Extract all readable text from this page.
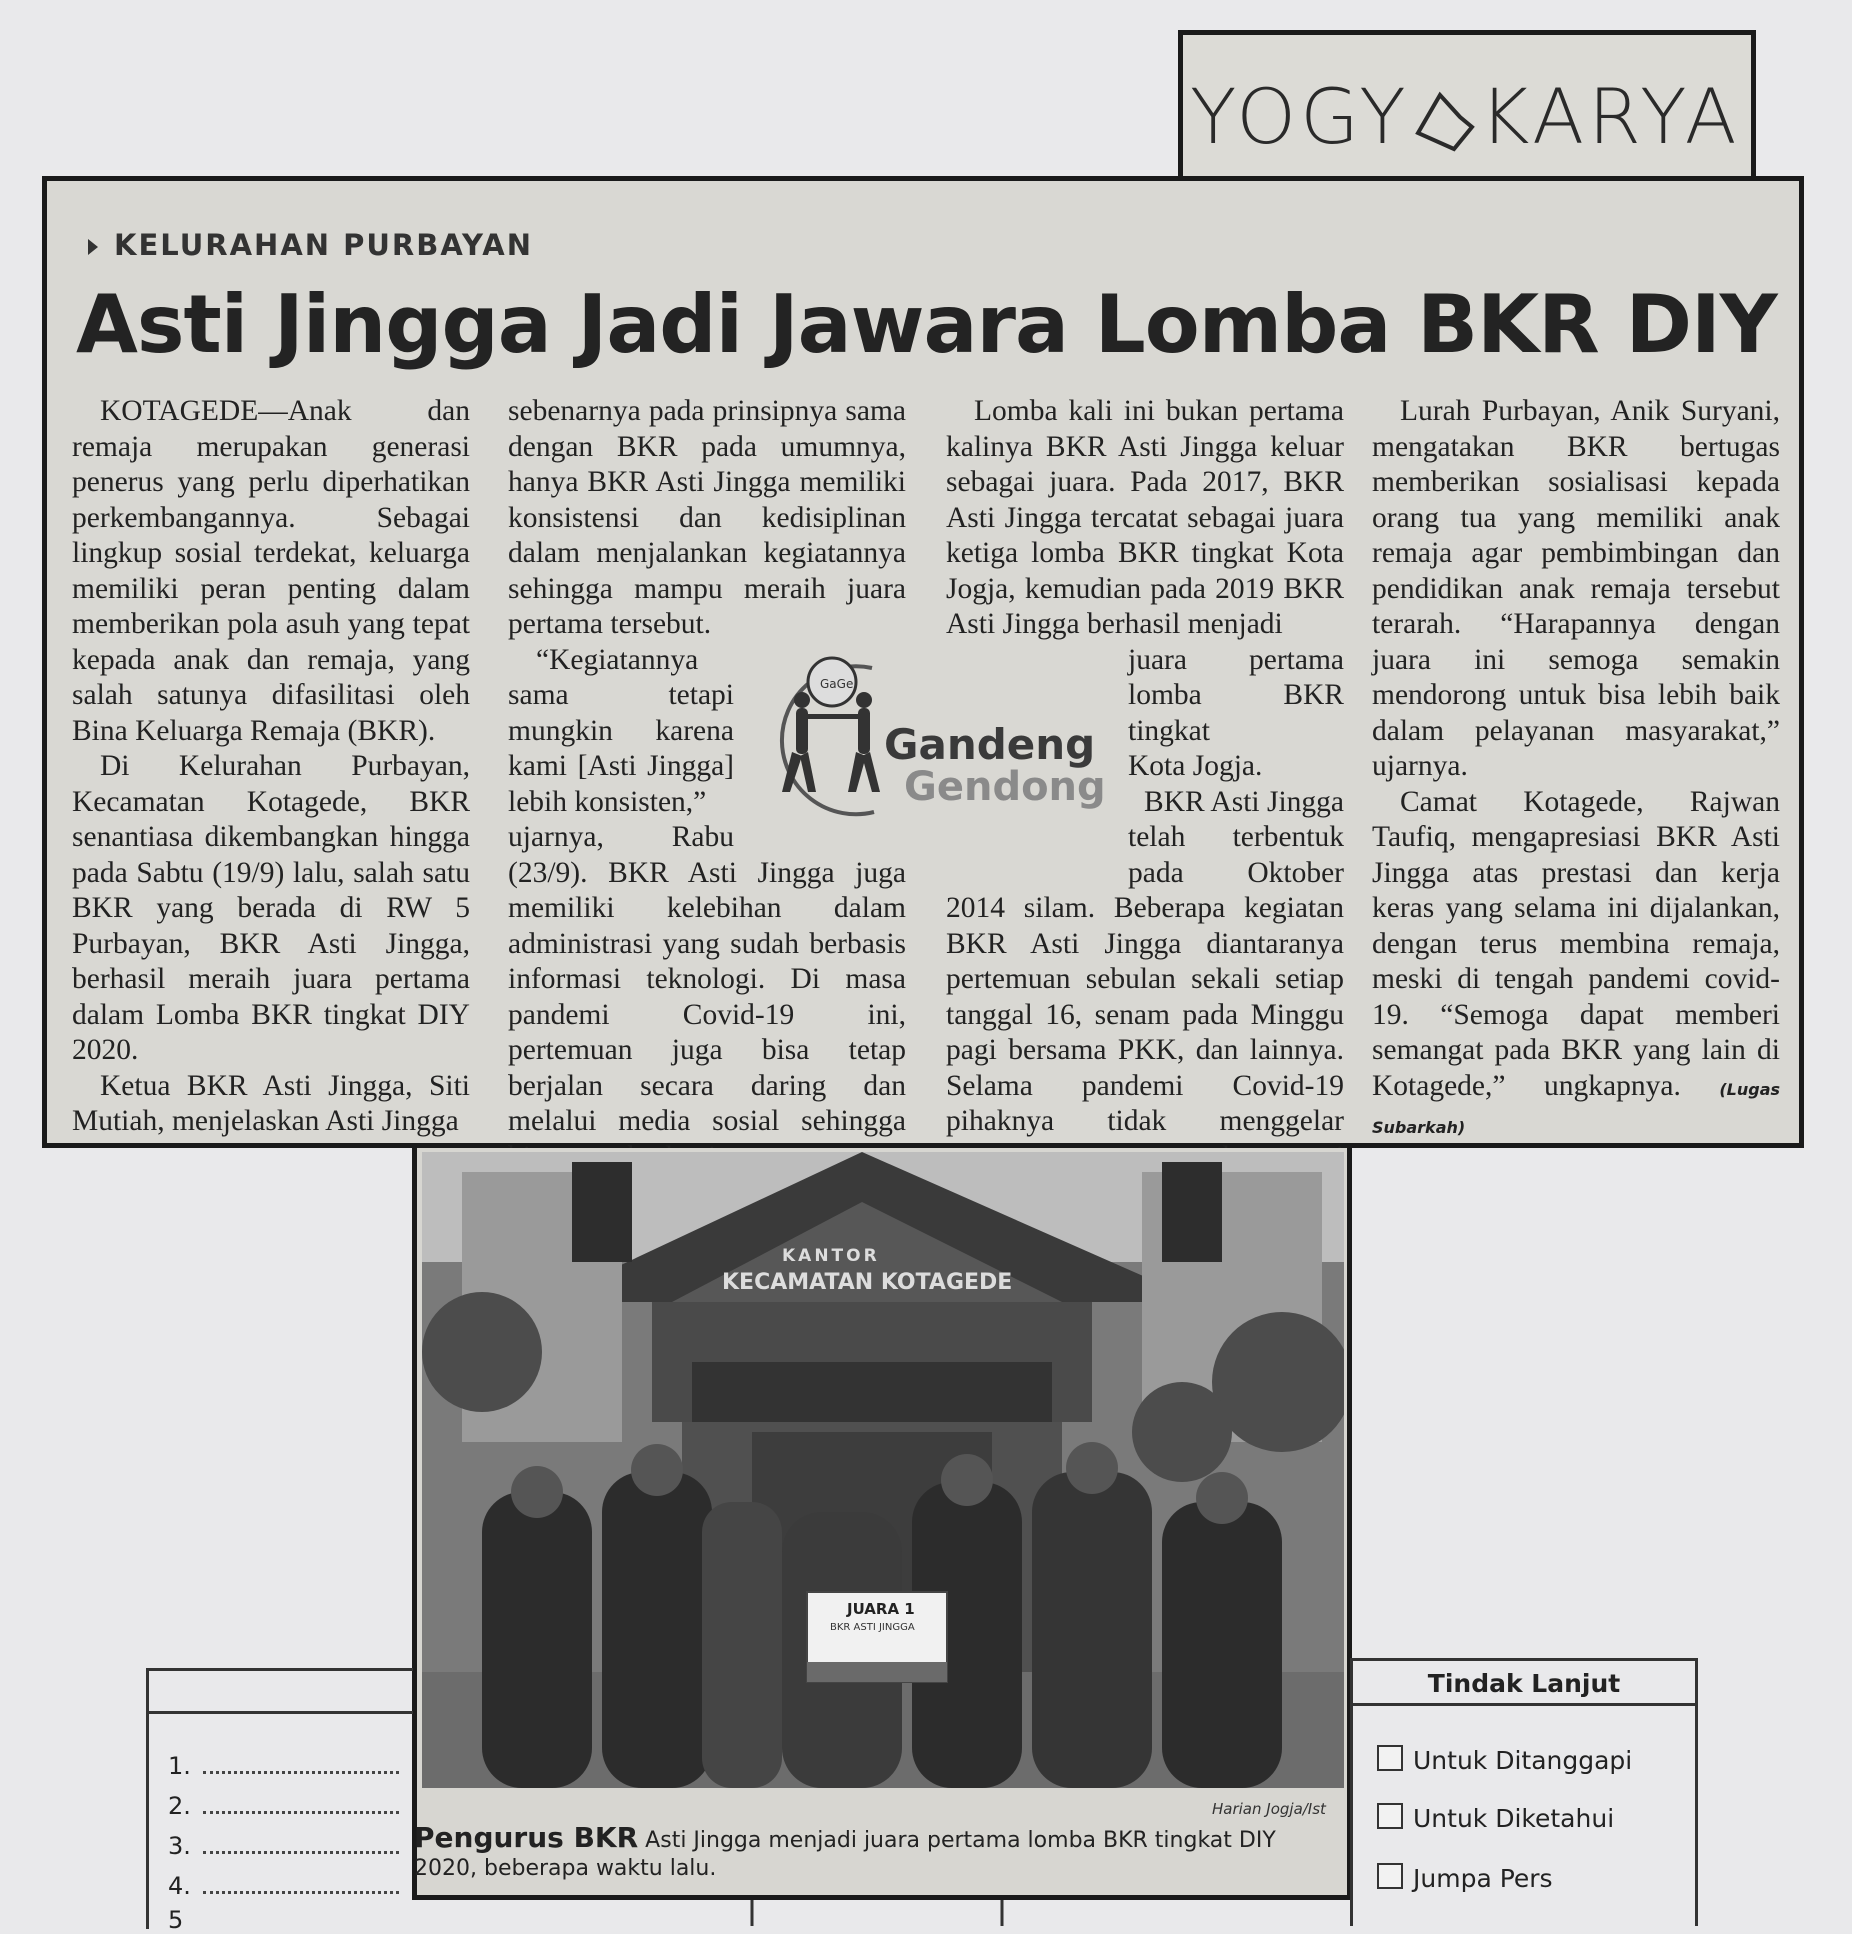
YOGY KARYA
KELURAHAN PURBAYAN
Asti Jingga Jadi Jawara Lomba BKR DIY

KOTAGEDE—Anak dan remaja merupakan generasi penerus yang perlu diperhatikan perkembangannya. Sebagai lingkup sosial terdekat, keluarga memiliki peran penting dalam memberikan pola asuh yang tepat kepada anak dan remaja, yang salah satunya difasilitasi oleh Bina Keluarga Remaja (BKR).

Di Kelurahan Purbayan, Kecamatan Kotagede, BKR senantiasa dikembangkan hingga pada Sabtu (19/9) lalu, salah satu BKR yang berada di RW 5 Purbayan, BKR Asti Jingga, berhasil meraih juara pertama dalam Lomba BKR tingkat DIY 2020.

Ketua BKR Asti Jingga, Siti Mutiah, menjelaskan Asti Jingga

sebenarnya pada prinsipnya sama dengan BKR pada umumnya, hanya BKR Asti Jingga memiliki konsistensi dan kedisiplinan dalam menjalankan kegiatannya sehingga mampu meraih juara pertama tersebut.

“Kegiatannya
sama tetapi
mungkin karena
kami [Asti Jingga]
lebih konsisten,”
ujarnya, Rabu

(23/9). BKR Asti Jingga juga memiliki kelebihan dalam administrasi yang sudah berbasis informasi teknologi. Di masa pandemi Covid-19 ini, pertemuan juga bisa tetap berjalan secara daring dan melalui media sosial sehingga

Lomba kali ini bukan pertama kalinya BKR Asti Jingga keluar sebagai juara. Pada 2017, BKR Asti Jingga tercatat sebagai juara ketiga lomba BKR tingkat Kota Jogja, kemudian pada 2019 BKR Asti Jingga berhasil menjadi

juara pertama
lomba BKR tingkat
Kota Jogja.
BKR Asti Jingga
telah terbentuk
pada Oktober

2014 silam. Beberapa kegiatan BKR Asti Jingga diantaranya pertemuan sebulan sekali setiap tanggal 16, senam pada Minggu pagi bersama PKK, dan lainnya. Selama pandemi Covid-19 pihaknya tidak menggelar

Lurah Purbayan, Anik Suryani, mengatakan BKR bertugas memberikan sosialisasi kepada orang tua yang memiliki anak remaja agar pembimbingan dan pendidikan anak remaja tersebut terarah. “Harapannya dengan juara ini semoga semakin mendorong untuk bisa lebih baik dalam pelayanan masyarakat,” ujarnya.

Camat Kotagede, Rajwan Taufiq, mengapresiasi BKR Asti Jingga atas prestasi dan kerja keras yang selama ini dijalankan, dengan terus membina remaja, meski di tengah pandemi covid-19. “Semoga dapat memberi semangat pada BKR yang lain di Kotagede,” ungkapnya. (Lugas Subarkah)

GaGe
Gandeng
Gendong
KANTOR
KECAMATAN KOTAGEDE
JUARA 1
BKR ASTI JINGGA
Harian Jogja/Ist
Pengurus BKR Asti Jingga menjadi juara pertama lomba BKR tingkat DIY 2020, beberapa waktu lalu.
1.
2.
3.
4.
5
Tindak Lanjut
Untuk Ditanggapi
Untuk Diketahui
Jumpa Pers
